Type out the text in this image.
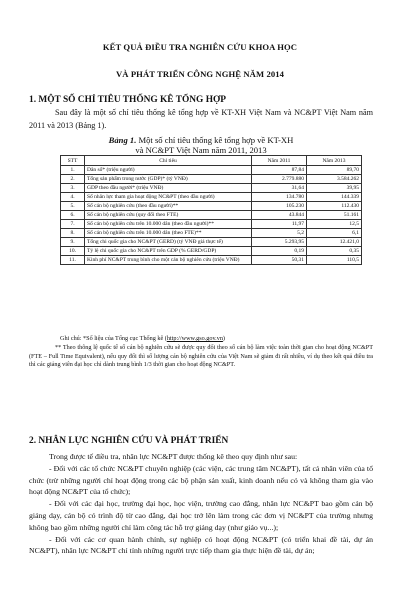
KẾT QUẢ ĐIỀU TRA NGHIÊN CỨU KHOA HỌC
VÀ PHÁT TRIỂN CÔNG NGHỆ NĂM 2014
1. MỘT SỐ CHỈ TIÊU THỐNG KÊ TỔNG HỢP
Sau đây là một số chỉ tiêu thống kê tổng hợp về KT-XH Việt Nam và NC&PT Việt Nam năm 2011 và 2013 (Bảng 1).
Bảng 1. Một số chỉ tiêu thống kê tổng hợp về KT-XH
và NC&PT Việt Nam năm 2011, 2013
STT	Chỉ tiêu	Năm 2011	Năm 2013
1.	Dân số* (triệu người)	87,84	89,70
2.	Tổng sản phẩm trong nước (GDP)* (tỷ VNĐ)	2.779.880	3.584.262
3.	GDP theo đầu người* (triệu VNĐ)	31,64	39,95
4.	Số nhân lực tham gia hoạt động NC&PT (theo đầu người)	134.780	144.339
5.	Số cán bộ nghiên cứu (theo đầu người)**	105.230	112.430
6.	Số cán bộ nghiên cứu (quy đổi theo FTE)	43.844	51.161
7.	Số cán bộ nghiên cứu trên 10.000 dân (theo đầu người)**	11,97	12,5
8.	Số cán bộ nghiên cứu trên 10.000 dân (theo FTE)**	5,2	6,1
9.	Tổng chi quốc gia cho NC&PT (GERD) (tỷ VNĐ giá thực tế)	5.293,95	12.421,0
10.	Tỷ lệ chi quốc gia cho NC&PT trên GDP (% GERD/GDP)	0,19	0,35
11.	Kinh phí NC&PT trung bình cho một cán bộ nghiên cứu (triệu VNĐ)	50,31	110,5
Ghi chú: *Số liệu của Tổng cục Thống kê (http://www.gso.gov.vn)
** Theo thông lệ quốc tế số cán bộ nghiên cứu sẽ được quy đổi theo số cán bộ làm việc toàn thời gian cho hoạt động NC&PT (FTE – Full Time Equivalent), nếu quy đổi thì số lượng cán bộ nghiên cứu của Việt Nam sẽ giảm đi rất nhiều, ví dụ theo kết quả điều tra thì các giảng viên đại học chỉ dành trung bình 1/3 thời gian cho hoạt động NC&PT.
2. NHÂN LỰC NGHIÊN CỨU VÀ PHÁT TRIỂN

Trong được tế điều tra, nhân lực NC&PT được thống kê theo quy định như sau:

- Đối với các tổ chức NC&PT chuyên nghiệp (các viện, các trung tâm NC&PT), tất cả nhân viên của tổ chức (trừ những người chỉ hoạt động trong các bộ phận sản xuất, kinh doanh nếu có và không tham gia vào hoạt động NC&PT của tổ chức);

- Đối với các đại học, trường đại học, học viện, trường cao đẳng, nhân lực NC&PT bao gồm cán bộ giảng dạy, cán bộ có trình độ từ cao đẳng, đại học trở lên làm trong các đơn vị NC&PT của trường nhưng không bao gồm những người chỉ làm công tác hỗ trợ giảng dạy (như giáo vụ...);

- Đối với các cơ quan hành chính, sự nghiệp có hoạt động NC&PT (có triển khai đề tài, dự án NC&PT), nhân lực NC&PT chỉ tính những người trực tiếp tham gia thực hiện đề tài, dự án;
